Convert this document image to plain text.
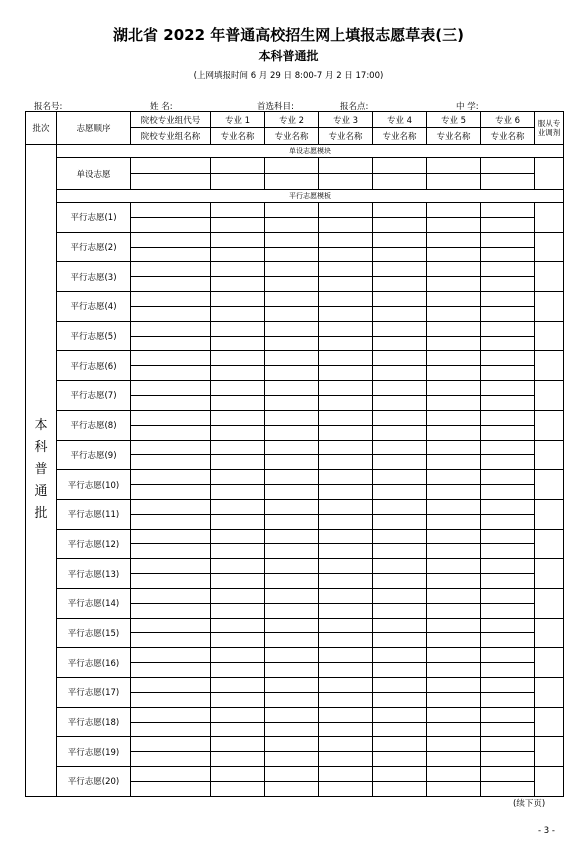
湖北省 2022 年普通高校招生网上填报志愿草表(三)
本科普通批
(上网填报时间 6 月 29 日 8:00-7 月 2 日 17:00)
报名号:	姓 名:	首选科目:	报名点:	中 学:
批次	志愿顺序	院校专业组代号	专业 1	专业 2	专业 3	专业 4	专业 5	专业 6	服从专业调剂
		院校专业组名称	专业名称	专业名称	专业名称	专业名称	专业名称	专业名称	

本
科
普
通
批	单设志愿模块								
	单设志愿								

	平行志愿模板								
	平行志愿(1)								

	平行志愿(2)								

	平行志愿(3)								

	平行志愿(4)								

	平行志愿(5)								

	平行志愿(6)								

	平行志愿(7)								

	平行志愿(8)								

	平行志愿(9)								

	平行志愿(10)								

	平行志愿(11)								

	平行志愿(12)								

	平行志愿(13)								

	平行志愿(14)								

	平行志愿(15)								

	平行志愿(16)								

	平行志愿(17)								

	平行志愿(18)								

	平行志愿(19)								

	平行志愿(20)								

(续下页)
- 3 -
